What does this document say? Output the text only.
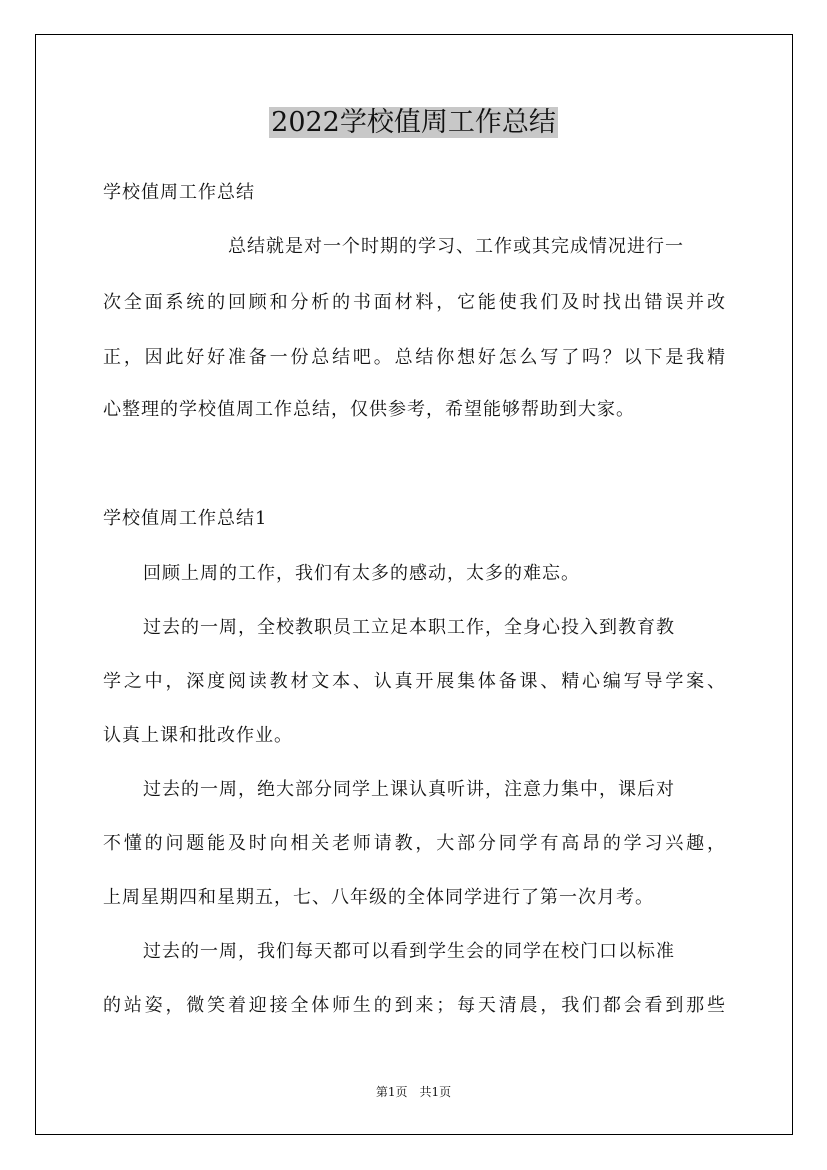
2022学校值周工作总结

学校值周工作总结

总结就是对一个时期的学习、工作或其完成情况进行一

次全面系统的回顾和分析的书面材料，它能使我们及时找出错误并改

正，因此好好准备一份总结吧。总结你想好怎么写了吗？以下是我精

心整理的学校值周工作总结，仅供参考，希望能够帮助到大家。

学校值周工作总结1

回顾上周的工作，我们有太多的感动，太多的难忘。

过去的一周，全校教职员工立足本职工作，全身心投入到教育教

学之中，深度阅读教材文本、认真开展集体备课、精心编写导学案、

认真上课和批改作业。

过去的一周，绝大部分同学上课认真听讲，注意力集中，课后对

不懂的问题能及时向相关老师请教，大部分同学有高昂的学习兴趣，

上周星期四和星期五，七、八年级的全体同学进行了第一次月考。

过去的一周，我们每天都可以看到学生会的同学在校门口以标准

的站姿，微笑着迎接全体师生的到来；每天清晨，我们都会看到那些

第1页　共1页
